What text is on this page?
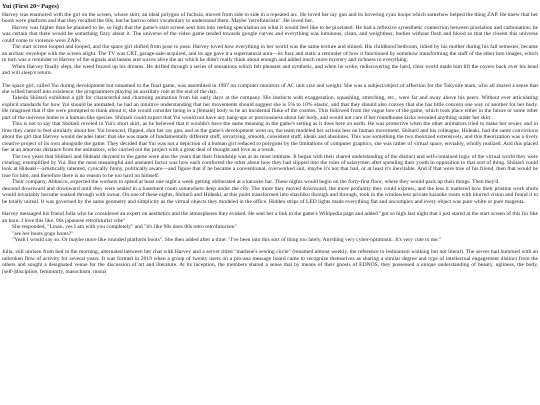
Yui (First 20~ Pages)

Harvey was enamored with the girl on the screen, whose skirt, an ideal polygon of fuchsia, moved from side to side in a repeated arc. He loved her ray gun and its hovering cyan hoops which somehow helped the thing ZAP. He knew that her boots were platform and that they recalled the 60s, but he had no other vocabulary to understand them. Maybe 'retrofuturistic'. He loved her.

Harvey was higher than he planned to be, so high that the game's start screen sent him into reeling speculation on what it would feel like to be pixelated. He had a reflexive synesthetic connection between pixelation and carbonation; he was certain that there would be something fizzy about it. The universe of the video game tended towards google curves and everything was luminous, clean, and weightless; bodies without flesh and blood so that the closest this universe could come to violence were ZAPs.

The start screen looped and looped, and the space girl shifted from pose to pose. Harvey loved how everything in her world was the same texture and shined. His childhood bedroom, tidied by his mother during his fall semester, became an archaic envelope with the screen alight. The TV was CRT, garage-sale-acquired, and its age gave it a supernatural aura—its fuzz and static a reminder of how it functioned by somehow transforming the stuff of the ether into images, which in turn was a reminder to Harvey of the signals and beams and waves alive the air which he didn't really think about enough and added much more mystery and richness to everything.

When Harvey finally slept, the weed fuzzed up his dreams. He drifted through a series of sensations which felt pleasant and synthetic, and when he woke, rediscovering the hard, clear world made him lift the covers back over his head and will sleep's return.

The space girl, called Yui during development but unnamed in the final game, was assembled in 1997 on computer monitors of AC unit size and weight. She was a subject/object of affection for the Tokyoite team, who all shared a sense that she willed herself into existence; the programmers playing an auxiliary role at the end of the day.

Takeda Shōtarō exhibited a gift for characterful and charming animation from his early days at the company. His instincts with exaggeration, squashing, stretching, etc., were far and away above his peers. Without ever articulating explicit standards for how Yui should be animated, he had an intuitive understanding that her movements should suggest she is 5% to 10% elastic, and that they should also convey that she has little concern one way or another for her body. He imagined that if she were prompted to think about it, she would consider being in a [female] body to be an incidental fluke of the cosmos. This followed from the vague lore of the game, which took place either in the future or some other part of the universe home to a human-like species. Shōtarō could expect that Yui would not have any hang-ups or preciousness about her body, and would not care if her roundhouse kicks revealed anything under her skirt.

This is not to say that Shōtarō reveled in Yui's short skirt, as he believed that it wouldn't have the same meaning in the game's setting as it does here on earth. He was protective when the other animators tried to make her sexier, and in time they came to feel similarly about her. Yui bounced, flipped, shot her ray gun, and as the game's development went on, the team modeled her actions less on human movement. Shōtarō and his colleague, Hideaki, had the same convictions about the girl that Harvey would decades later: that she was made of fundamentally different stuff, unvarying, smooth, consistent stuff, ideals and absolutes. This was something the two theorized extensively, and this theorization was a lively creative project of its own alongside the game. They decided that Yui was not a depiction of a human girl reduced to polygons by the limitations of computer graphics, she was rather of virtual space, enviably, wholly realized. And this placed her at an amorous distance from the animators, who carried out the project with a great deal of thought and love as a result.

The two years that Shōtarō and Hideaki devoted to the game were also the years that their friendship was at its most intimate. It began with their shared understanding of the distinct and self-contained logic of the virtual world they were creating, exemplified by Yui. But the most meaningful and unstated factor was how each comforted the other about how they had slipped into the roles of salarymen after spending their youth in opposition to that sort of thing. Shōtarō could look at Hideaki—artistically talented, cynically funny, politically aware—and figure that if he became a conventional, overworked suit, maybe it's not that bad, or at least it's inevitable. And if that were true of his friend, then that would be true for him, and therefore there is no reason to be too hard on himself.

Their company, Abbacco, expected the workers to spend at least one night a week getting obliterated at a karaoke bar. These nights would begin on the forty-first floor, where they would pack up their things. Then they'd

descend downward and downward until they were sealed in a basement room somewhere deep under the city. The more they moved downward, the more profanity they could express, and the less it mattered how their pristine work shirts would invariably become soaked through with sweat. On one of these nights, Shōtarō and Hideaki, at this point transformed into shachiku through and through, took in the windowless private karaoke room with blurred vision and found it to be totally unreal. It was governed by the same geometry and simplicity as the virtual objects they modeled in the office. Hidden strips of LED lights made everything flat and uncomplex and every object was pure white or pure magenta.

Harvey messaged his friend Julia who he considered an expert on aesthetics and the atmospheres they evoked. He sent her a link to the game's Wikipedia page and added "got so high last night that I just stared at the start screen of this for like an hour. I love this like. 90s japanese retrofuturist vibe"

She responded, "Lmao, yes I am with you completely" and "it's like 90s does 00s retro retrofuturism"

"are her boots gogo boots?"

"Yeah I would say so. Or maybe more like rounded platform boots". She then added after a time: "I've been into this sort of thing too lately. Anything very cyber-optimistic. It's very cute to me."

Julia, still unrisen from bed in the morning, alternated between her chat with Harvey and a server titled "marlene's sewing circle" (renamed almost weekly, the reference to lesbianism winking but not literal). The server had hummed with an unbroken flow of activity for several years. It was formed in 2019 when a group of twenty users on a pro-ana message board came to recognize themselves as sharing a similar degree and type of intellectual engagement distinct from the others and sought a designated venue for the discussion of art and literature. At its inception, the members shared a sense that by means of their gnosis of EDNOS, they possessed a unique understanding of beauty, ugliness, the body, [self-]discipline, femininity, masochism, moral
